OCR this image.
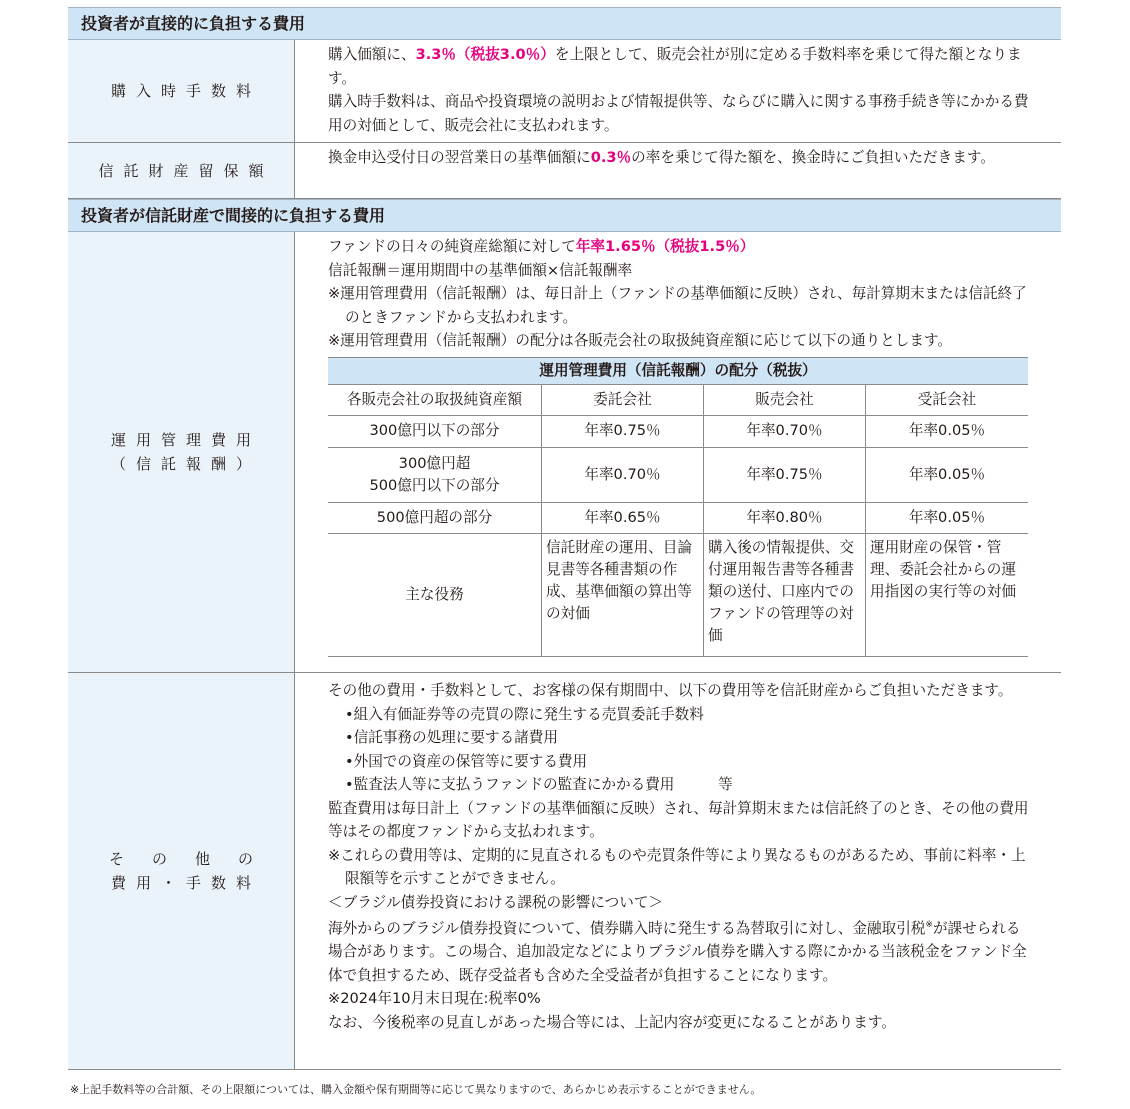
投資者が直接的に負担する費用
購入時手数料

購入価額に、3.3％（税抜3.0％）を上限として、販売会社が別に定める手数料率を乗じて得た額となります。

購入時手数料は、商品や投資環境の説明および情報提供等、ならびに購入に関する事務手続き等にかかる費用の対価として、販売会社に支払われます。

信託財産留保額

換金申込受付日の翌営業日の基準価額に0.3％の率を乗じて得た額を、換金時にご負担いただきます。

投資者が信託財産で間接的に負担する費用
運用管理費用
（信託報酬）

ファンドの日々の純資産総額に対して年率1.65％（税抜1.5％）

信託報酬＝運用期間中の基準価額×信託報酬率

※運用管理費用（信託報酬）は、毎日計上（ファンドの基準価額に反映）され、毎計算期末または信託終了のときファンドから支払われます。

※運用管理費用（信託報酬）の配分は各販売会社の取扱純資産額に応じて以下の通りとします。

運用管理費用（信託報酬）の配分（税抜）			
各販売会社の取扱純資産額	委託会社	販売会社	受託会社
300億円以下の部分	年率0.75％	年率0.70％	年率0.05％
300億円超
500億円以下の部分	年率0.70％	年率0.75％	年率0.05％
500億円超の部分	年率0.65％	年率0.80％	年率0.05％
主な役務	信託財産の運用、目論見書等各種書類の作成、基準価額の算出等の対価	購入後の情報提供、交付運用報告書等各種書類の送付、口座内でのファンドの管理等の対価	運用財産の保管・管理、委託会社からの運用指図の実行等の対価
その他の
費用・手数料

その他の費用・手数料として、お客様の保有期間中、以下の費用等を信託財産からご負担いただきます。

•組入有価証券等の売買の際に発生する売買委託手数料

•信託事務の処理に要する諸費用

•外国での資産の保管等に要する費用

•監査法人等に支払うファンドの監査にかかる費用　　　等

監査費用は毎日計上（ファンドの基準価額に反映）され、毎計算期末または信託終了のとき、その他の費用等はその都度ファンドから支払われます。

※これらの費用等は、定期的に見直されるものや売買条件等により異なるものがあるため、事前に料率・上限額等を示すことができません。

＜ブラジル債券投資における課税の影響について＞

海外からのブラジル債券投資について、債券購入時に発生する為替取引に対し、金融取引税※が課せられる場合があります。この場合、追加設定などによりブラジル債券を購入する際にかかる当該税金をファンド全体で負担するため、既存受益者も含めた全受益者が負担することになります。

※2024年10月末日現在:税率0%

なお、今後税率の見直しがあった場合等には、上記内容が変更になることがあります。

※上記手数料等の合計額、その上限額については、購入金額や保有期間等に応じて異なりますので、あらかじめ表示することができません。
